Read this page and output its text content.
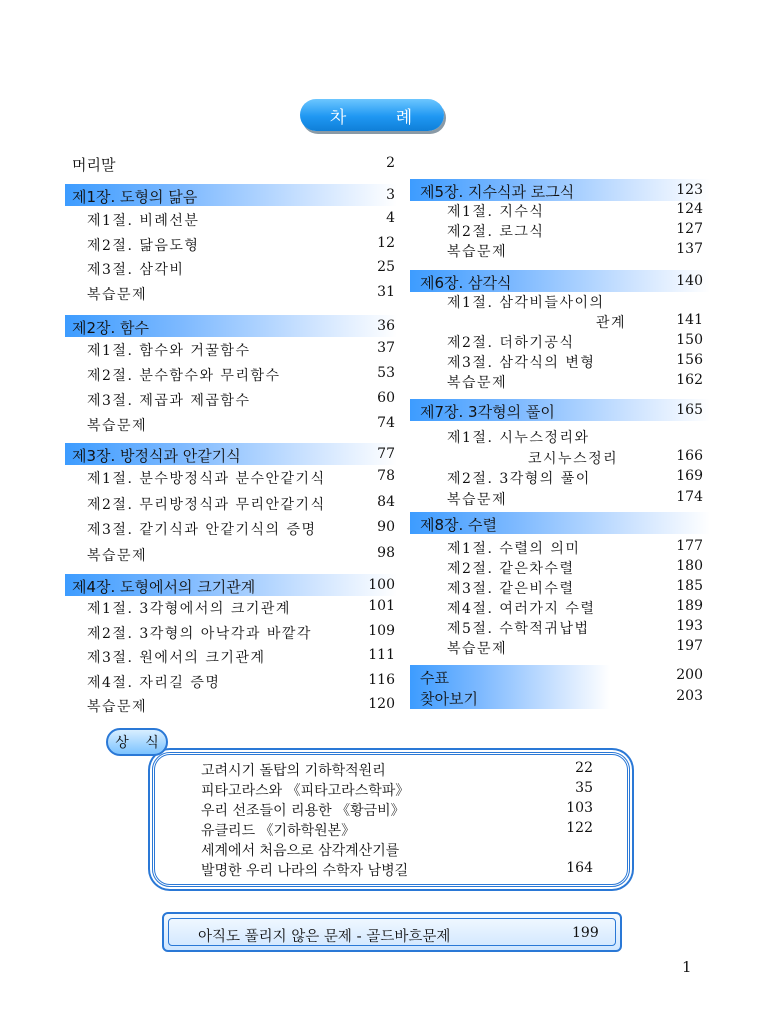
차 례
머리말	2
제1장. 도형의 닮음	3
제1절. 비례선분	4
제2절. 닮음도형	12
제3절. 삼각비	25
복습문제	31
제2장. 함수	36
제1절. 함수와 거꿀함수	37
제2절. 분수함수와 무리함수	53
제3절. 제곱과 제곱함수	60
복습문제	74
제3장. 방정식과 안같기식	77
제1절. 분수방정식과 분수안같기식	78
제2절. 무리방정식과 무리안같기식	84
제3절. 같기식과 안같기식의 증명	90
복습문제	98
제4장. 도형에서의 크기관계	100
제1절. 3각형에서의 크기관계	101
제2절. 3각형의 아낙각과 바깥각	109
제3절. 원에서의 크기관계	111
제4절. 자리길 증명	116
복습문제	120
제5장. 지수식과 로그식	123
제1절. 지수식	124
제2절. 로그식	127
복습문제	137
제6장. 삼각식	140
제1절. 삼각비들사이의
관계	141
제2절. 더하기공식	150
제3절. 삼각식의 변형	156
복습문제	162
제7장. 3각형의 풀이	165
제1절. 시누스정리와
코시누스정리	166
제2절. 3각형의 풀이	169
복습문제	174
제8장. 수렬
제1절. 수렬의 의미	177
제2절. 같은차수렬	180
제3절. 같은비수렬	185
제4절. 여러가지 수렬	189
제5절. 수학적귀납법	193
복습문제	197
수표	200
찾아보기	203
상 식
고려시기 돌탑의 기하학적원리	22
피타고라스와 《피타고라스학파》	35
우리 선조들이 리용한 《황금비》	103
유클리드 《기하학원본》	122
세계에서 처음으로 삼각계산기를
발명한 우리 나라의 수학자 남병길	164
아직도 풀리지 않은 문제 - 골드바흐문제	199
1
